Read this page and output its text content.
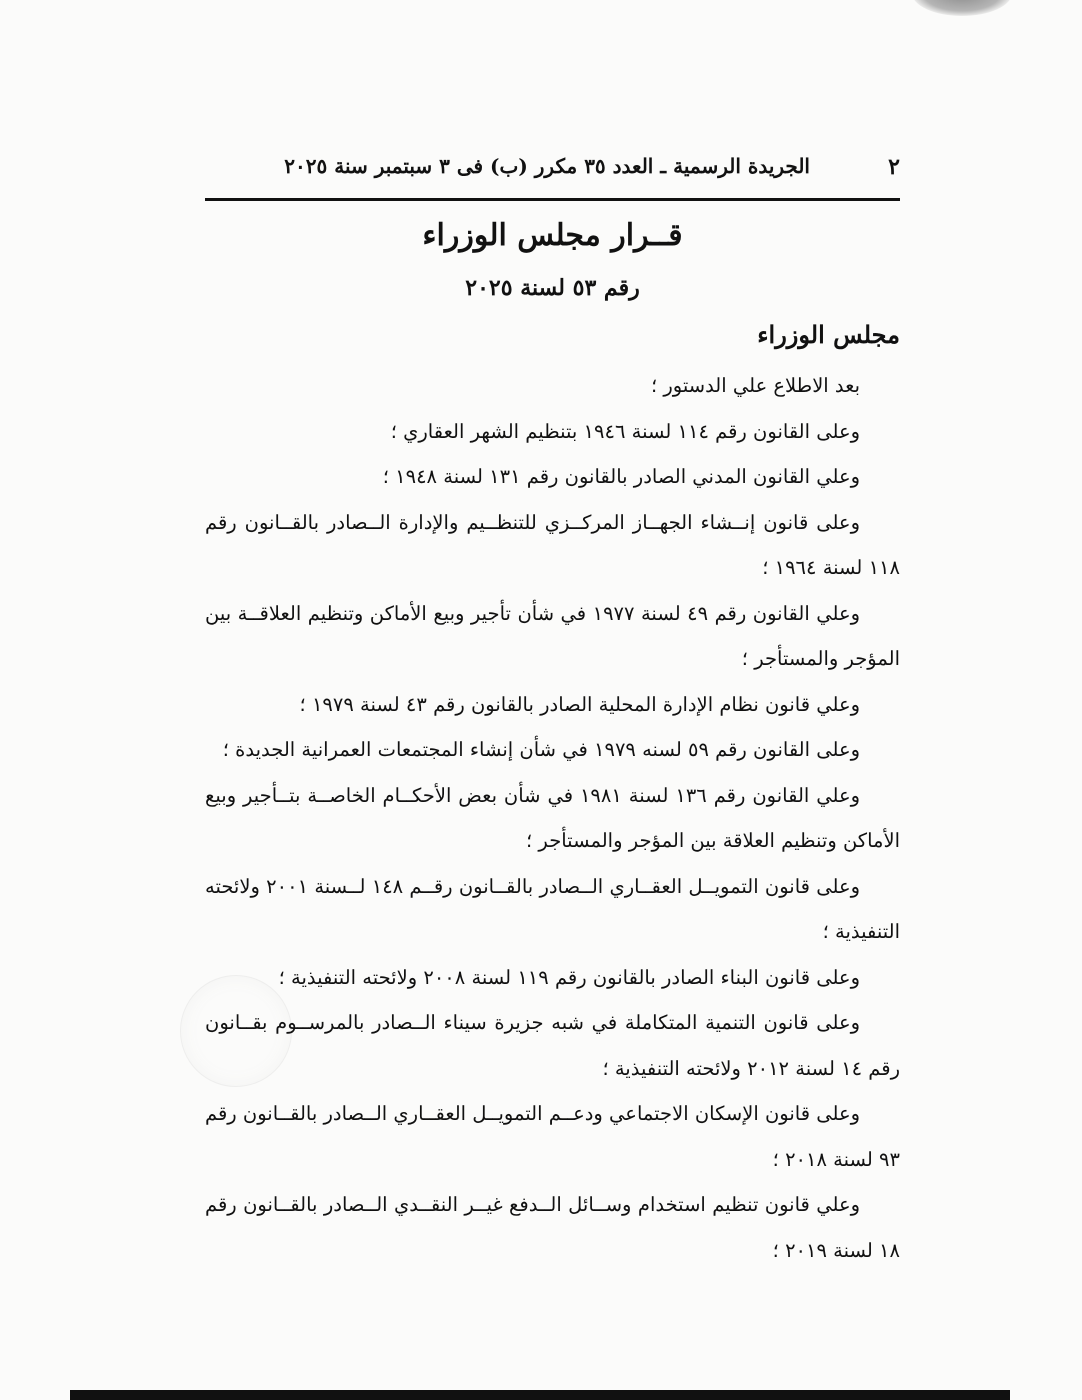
٢
الجريدة الرسمية ـ العدد ٣٥ مكرر (ب) فى ٣ سبتمبر سنة ٢٠٢٥
قــرار مجلس الوزراء
رقم ٥٣ لسنة ٢٠٢٥
مجلس الوزراء

بعد الاطلاع علي الدستور ؛

وعلى القانون رقم ١١٤ لسنة ١٩٤٦ بتنظيم الشهر العقاري ؛

وعلي القانون المدني الصادر بالقانون رقم ١٣١ لسنة ١٩٤٨ ؛

وعلى قانون إنــشاء الجهــاز المركــزي للتنظــيم والإدارة الــصادر بالقــانون رقم ١١٨ لسنة ١٩٦٤ ؛

وعلي القانون رقم ٤٩ لسنة ١٩٧٧ في شأن تأجير وبيع الأماكن وتنظيم العلاقــة بين المؤجر والمستأجر ؛

وعلي قانون نظام الإدارة المحلية الصادر بالقانون رقم ٤٣ لسنة ١٩٧٩ ؛

وعلى القانون رقم ٥٩ لسنه ١٩٧٩ في شأن إنشاء المجتمعات العمرانية الجديدة ؛

وعلي القانون رقم ١٣٦ لسنة ١٩٨١ في شأن بعض الأحكــام الخاصــة بتــأجير وبيع الأماكن وتنظيم العلاقة بين المؤجر والمستأجر ؛

وعلى قانون التمويــل العقــاري الــصادر بالقــانون رقــم ١٤٨ لــسنة ٢٠٠١ ولائحته التنفيذية ؛

وعلى قانون البناء الصادر بالقانون رقم ١١٩ لسنة ٢٠٠٨ ولائحته التنفيذية ؛

وعلى قانون التنمية المتكاملة في شبه جزيرة سيناء الــصادر بالمرســوم بقــانون رقم ١٤ لسنة ٢٠١٢ ولائحته التنفيذية ؛

وعلى قانون الإسكان الاجتماعي ودعــم التمويــل العقــاري الــصادر بالقــانون رقم ٩٣ لسنة ٢٠١٨ ؛

وعلي قانون تنظيم استخدام وســائل الــدفع غيــر النقــدي الــصادر بالقــانون رقم ١٨ لسنة ٢٠١٩ ؛
